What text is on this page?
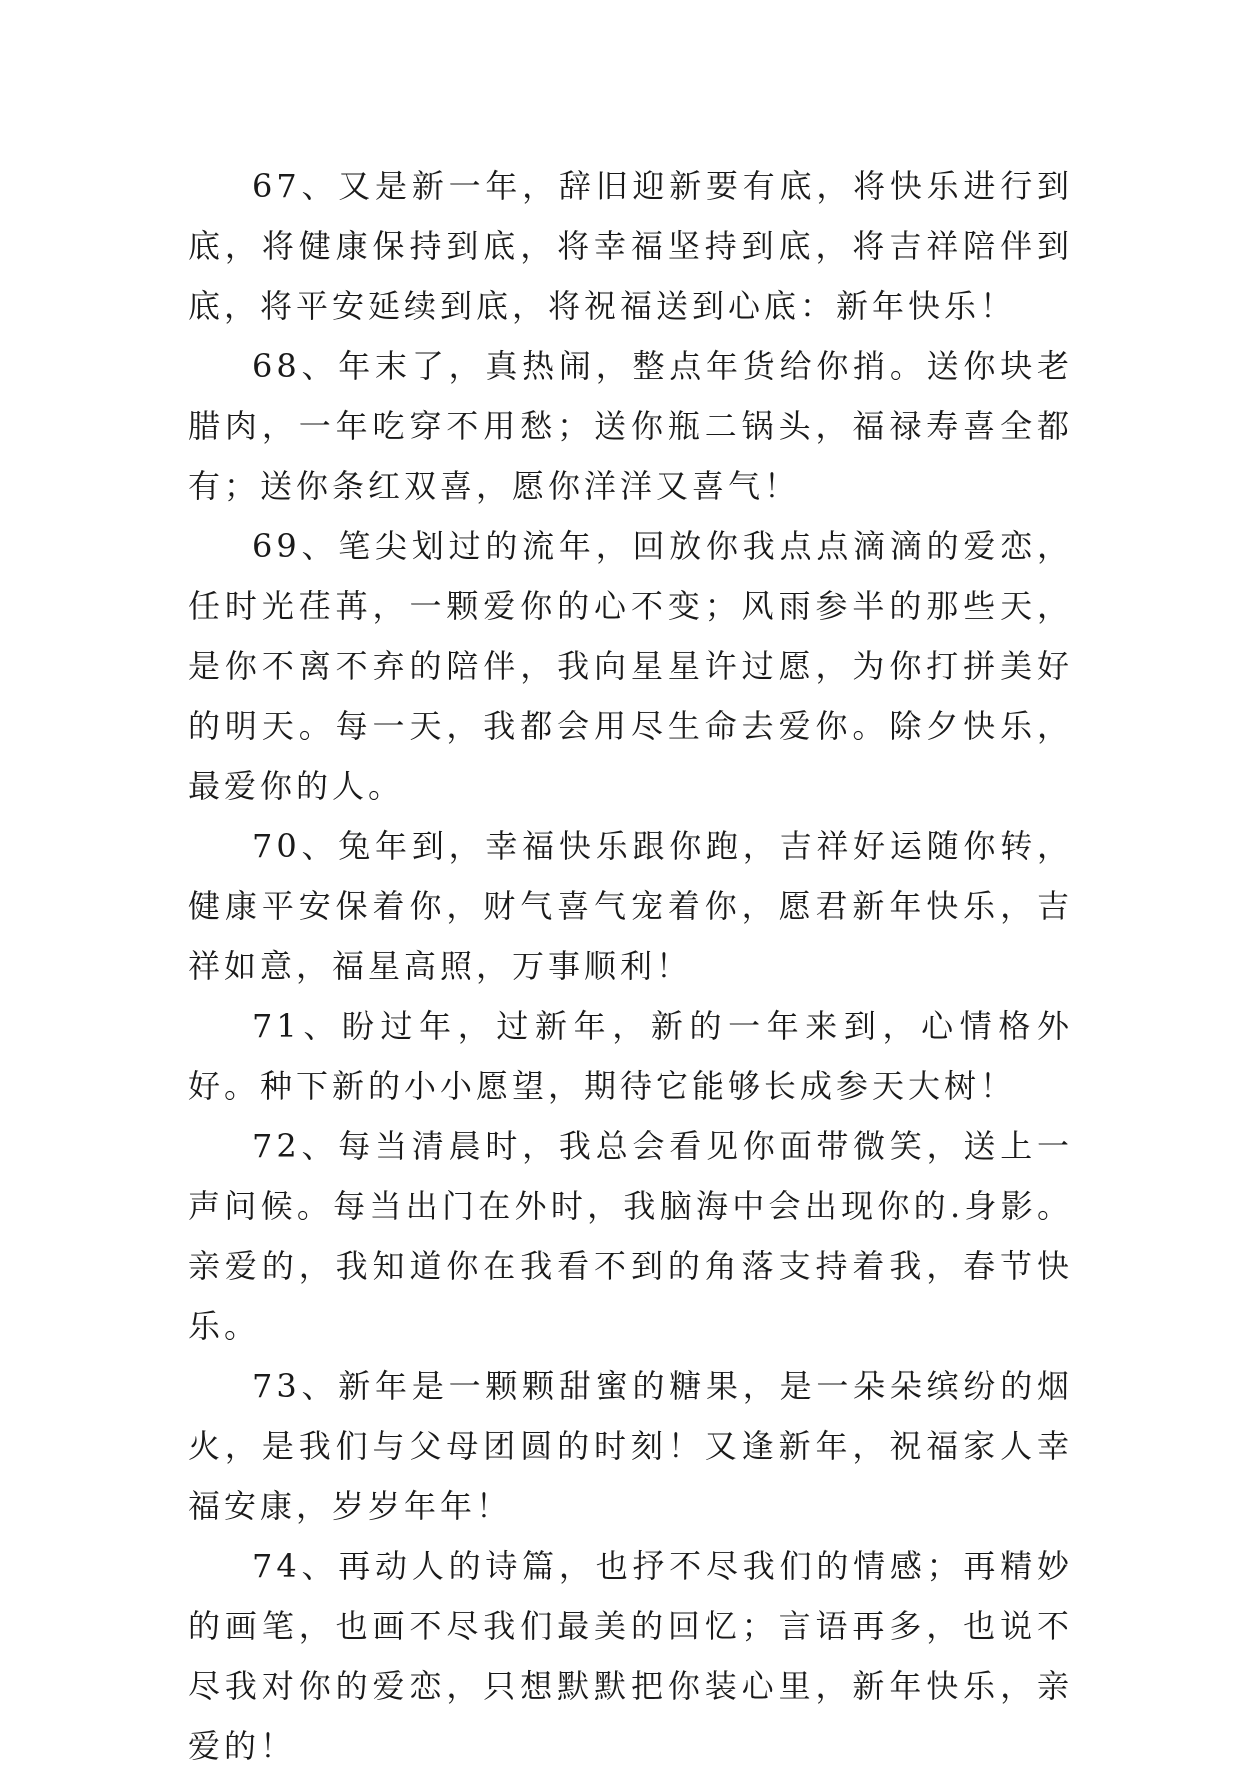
67、又是新一年，辞旧迎新要有底，将快乐进行到底，将健康保持到底，将幸福坚持到底，将吉祥陪伴到底，将平安延续到底，将祝福送到心底：新年快乐！

68、年末了，真热闹，整点年货给你捎。送你块老腊肉，一年吃穿不用愁；送你瓶二锅头，福禄寿喜全都有；送你条红双喜，愿你洋洋又喜气！

69、笔尖划过的流年，回放你我点点滴滴的爱恋，任时光荏苒，一颗爱你的心不变；风雨参半的那些天，是你不离不弃的陪伴，我向星星许过愿，为你打拼美好的明天。每一天，我都会用尽生命去爱你。除夕快乐，最爱你的人。

70、兔年到，幸福快乐跟你跑，吉祥好运随你转，健康平安保着你，财气喜气宠着你，愿君新年快乐，吉祥如意，福星高照，万事顺利！

71、盼过年，过新年，新的一年来到，心情格外好。种下新的小小愿望，期待它能够长成参天大树！

72、每当清晨时，我总会看见你面带微笑，送上一声问候。每当出门在外时，我脑海中会出现你的.身影。亲爱的，我知道你在我看不到的角落支持着我，春节快乐。

73、新年是一颗颗甜蜜的糖果，是一朵朵缤纷的烟火，是我们与父母团圆的时刻！又逢新年，祝福家人幸福安康，岁岁年年！

74、再动人的诗篇，也抒不尽我们的情感；再精妙的画笔，也画不尽我们最美的回忆；言语再多，也说不尽我对你的爱恋，只想默默把你装心里，新年快乐，亲爱的！
